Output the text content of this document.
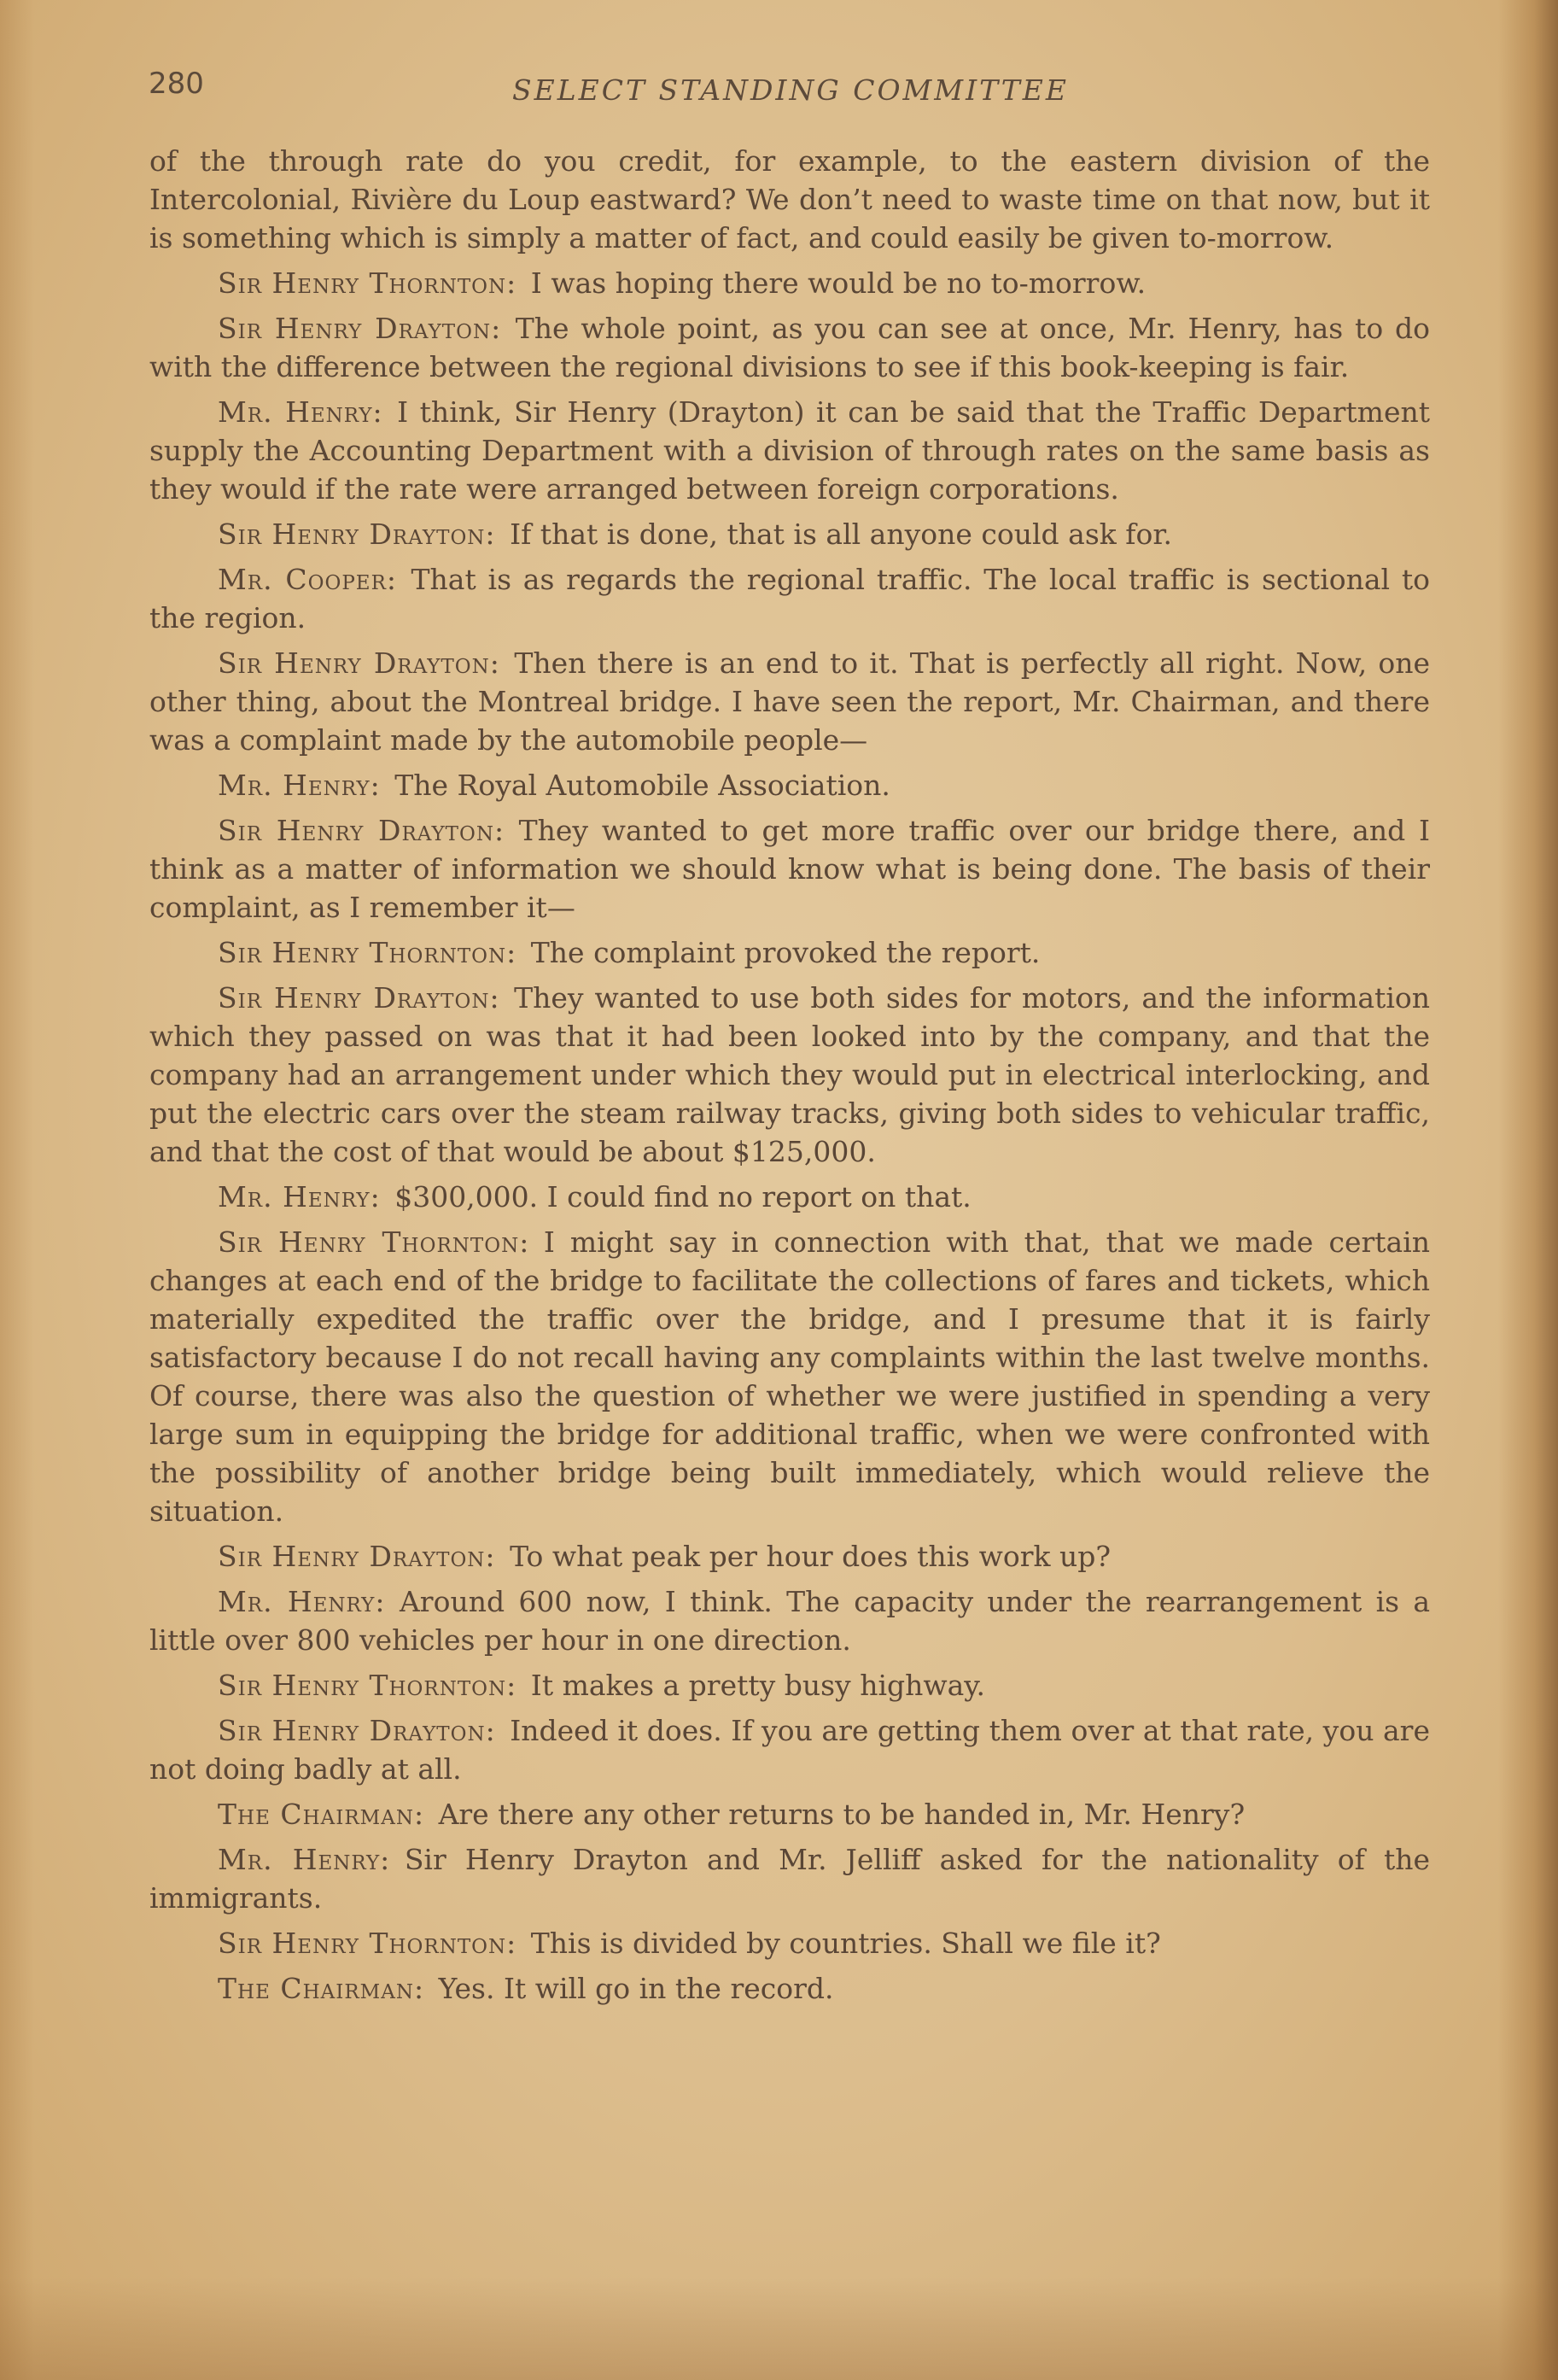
280	SELECT STANDING COMMITTEE

of the through rate do you credit, for example, to the eastern division of the Intercolonial, Rivière du Loup eastward? We don’t need to waste time on that now, but it is something which is simply a matter of fact, and could easily be given to-morrow.

Sir Henry Thornton:  I was hoping there would be no to-morrow.

Sir Henry Drayton:  The whole point, as you can see at once, Mr. Henry, has to do with the difference between the regional divisions to see if this book-keeping is fair.

Mr. Henry:  I think, Sir Henry (Drayton) it can be said that the Traffic Department supply the Accounting Department with a division of through rates on the same basis as they would if the rate were arranged between foreign corporations.

Sir Henry Drayton:  If that is done, that is all anyone could ask for.

Mr. Cooper:  That is as regards the regional traffic. The local traffic is sectional to the region.

Sir Henry Drayton:  Then there is an end to it. That is perfectly all right. Now, one other thing, about the Montreal bridge. I have seen the report, Mr. Chairman, and there was a complaint made by the automobile people—

Mr. Henry:  The Royal Automobile Association.

Sir Henry Drayton:  They wanted to get more traffic over our bridge there, and I think as a matter of information we should know what is being done. The basis of their complaint, as I remember it—

Sir Henry Thornton:  The complaint provoked the report.

Sir Henry Drayton:  They wanted to use both sides for motors, and the information which they passed on was that it had been looked into by the company, and that the company had an arrangement under which they would put in electrical interlocking, and put the electric cars over the steam railway tracks, giving both sides to vehicular traffic, and that the cost of that would be about $125,000.

Mr. Henry:  $300,000. I could find no report on that.

Sir Henry Thornton:  I might say in connection with that, that we made certain changes at each end of the bridge to facilitate the collections of fares and tickets, which materially expedited the traffic over the bridge, and I presume that it is fairly satisfactory because I do not recall having any complaints within the last twelve months. Of course, there was also the question of whether we were justified in spending a very large sum in equipping the bridge for additional traffic, when we were confronted with the possibility of another bridge being built immediately, which would relieve the situation.

Sir Henry Drayton:  To what peak per hour does this work up?

Mr. Henry:  Around 600 now, I think. The capacity under the rearrangement is a little over 800 vehicles per hour in one direction.

Sir Henry Thornton:  It makes a pretty busy highway.

Sir Henry Drayton:  Indeed it does. If you are getting them over at that rate, you are not doing badly at all.

The Chairman:  Are there any other returns to be handed in, Mr. Henry?

Mr. Henry:  Sir Henry Drayton and Mr. Jelliff asked for the nationality of the immigrants.

Sir Henry Thornton:  This is divided by countries. Shall we file it?

The Chairman:  Yes. It will go in the record.
